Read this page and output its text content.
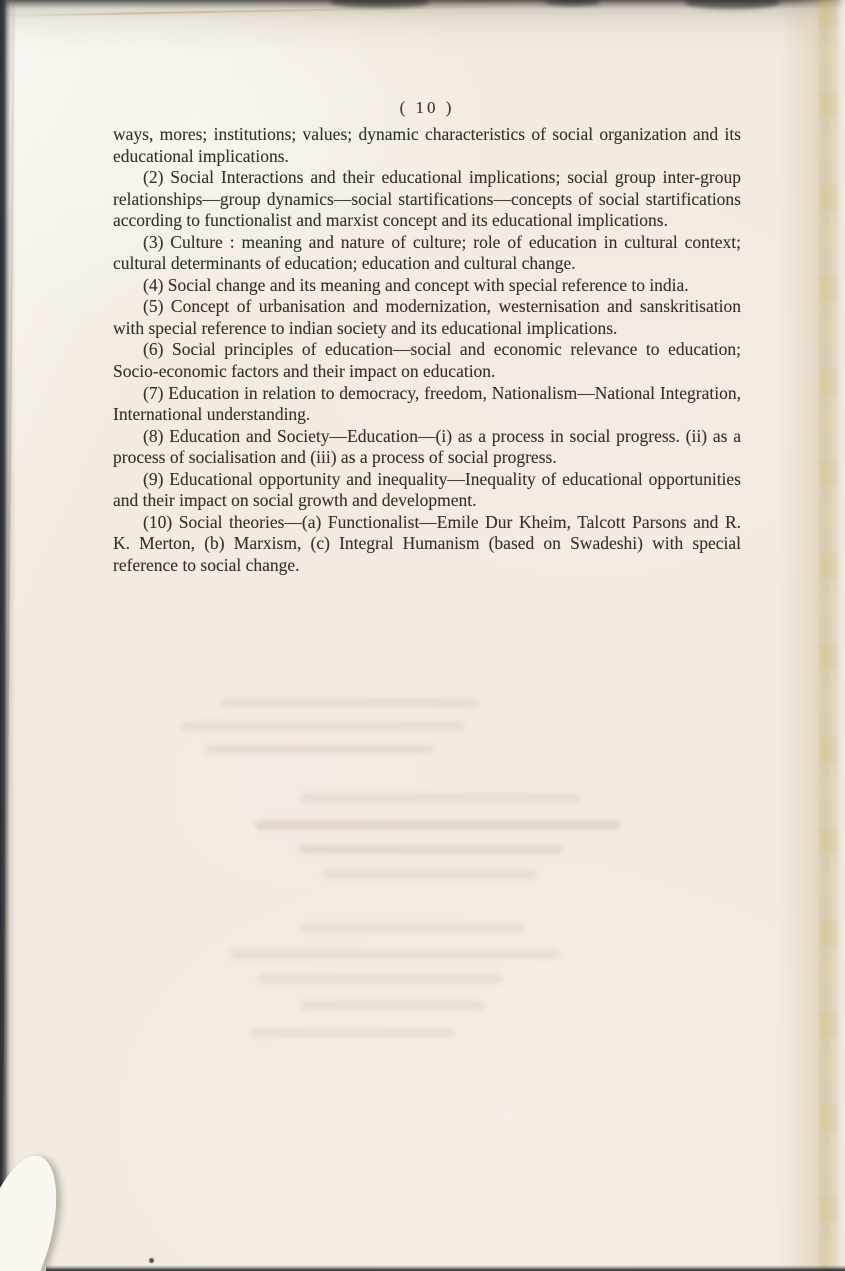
( 10 )

ways, mores; institutions; values; dynamic characteristics of social organization and its educational implications.

(2) Social Interactions and their educational implications; social group inter-group relationships—group dynamics—social startifications—concepts of social startifications according to functionalist and marxist concept and its educational implications.

(3) Culture : meaning and nature of culture; role of education in cultural context; cultural determinants of education; education and cultural change.

(4) Social change and its meaning and concept with special reference to india.

(5) Concept of urbanisation and modernization, westernisation and sanskritisation with special reference to indian society and its educational implications.

(6) Social principles of education—social and economic relevance to education; Socio-economic factors and their impact on education.

(7) Education in relation to democracy, freedom, Nationalism—National Integration, International understanding.

(8) Education and Society—Education—(i) as a process in social progress. (ii) as a process of socialisation and (iii) as a process of social progress.

(9) Educational opportunity and inequality—Inequality of educational opportunities and their impact on social growth and development.

(10) Social theories—(a) Functionalist—Emile Dur Kheim, Talcott Parsons and R. K. Merton, (b) Marxism, (c) Integral Humanism (based on Swadeshi) with special reference to social change.
